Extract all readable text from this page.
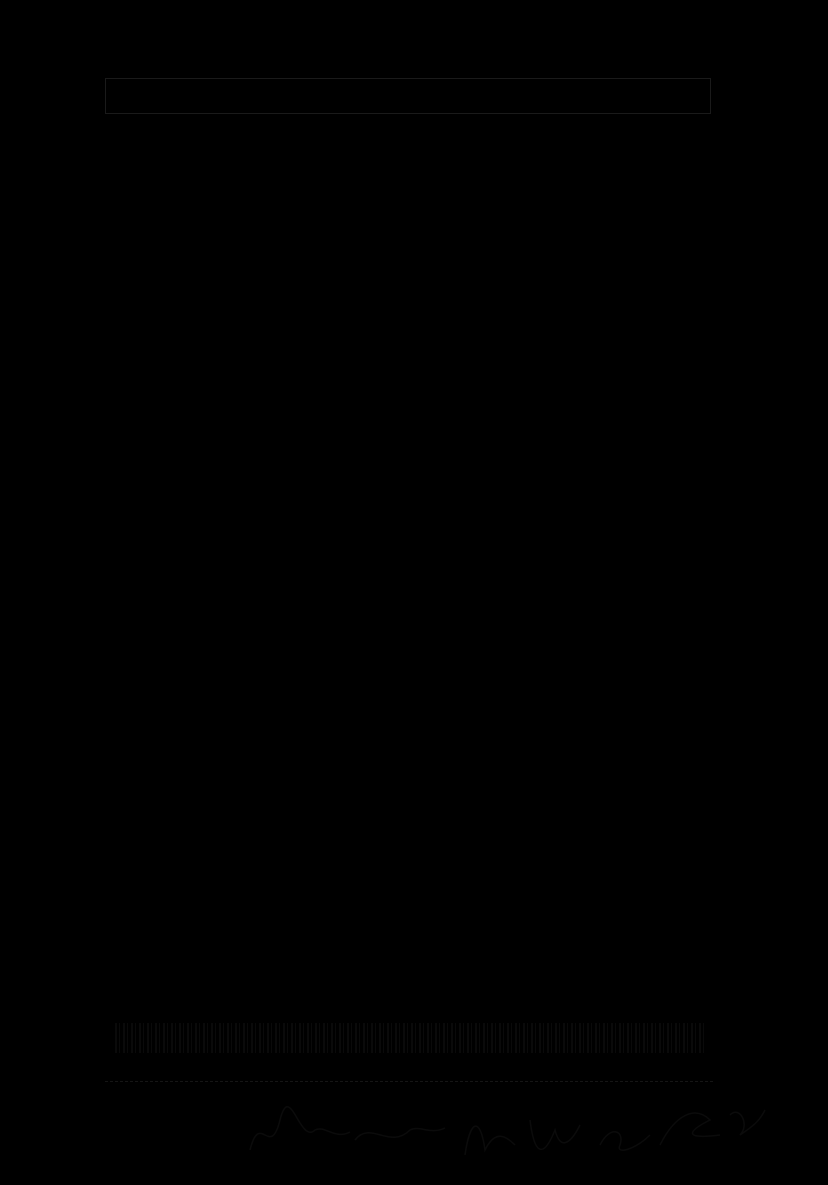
WYBORY DO RADY GMINY BODZECHÓW w gminie Bodzechów, województwo świętokrzyskie*
PROTOKÓŁ Z WYBORÓW
do Rady Gminy Bodzechów sporządzony dnia 28 listopada 2010 r. przez Gminną Komisję Wyborczą w Bodzechowie.
I. Dla wyboru Rady Gminy Bodzechów utworzono 15 okręgów wyborczych.
II. Komisja stwierdziła, co następuje:
A.$^{1)}$ Wyborów nie przeprowadzono w ........ okręgach wyborczych, tj. okręgu nr ........, nr ........, nr ........, z powodu braku zarejestrowanych list kandydatów na radnych, w związku z tym ........ mandatów pozostaje nieobsadzonych.
B. Głosowania nie przeprowadzono w ........ okręgach wyborczych, tj. w okręgu nr ........, nr ........, nr ........, w których liczba zarejestrowanych kandydatów była równa lub mniejsza od liczby mandatów w okręgach. Po obsadzeniu mandatów bez głosowania w okręgach tych pozostaje ........ mandatów nieobsadzonych.
III. A. Komisja potwierdza, że otrzymała protokoły głosowania od 12 obwodowych komisji wyborczych. Na podstawie tych protokołów Komisja sporządziła zestawienie wyników głosowania w okręgach i uwzględniając liczby głosów ważnych w okręgach wyborczych oraz głosów ważnych oddanych na poszczególne listy kandydatów i kandydatów z tych list, ustaliła następujące wyniki wyborów.
Okręg wyborczy nr 1 obejmujący 5 mandaty.
Wybory odbyły się.
Głosowanie przeprowadzono.
1.	Głosów ważnych oddano	658
2.	Na poszczególne listy kandydatów i kandydatów z tych list oddano następującą liczbę głosów ważnych:
Lista nr 1 — KOMITET WYBORCZY SLD	150
1) WÓJCIK Arkadiusz Krzysztof	150
Lista nr 4 — KW PLATFORMA OBYWATELSKA RP	151
1) JURYS Małgorzata Helena	139
2) KOLASA Jan	12
Lista nr 16 — KW OSTROWIECKI RUCH SPOŁECZNY	66
1) GRUDZIEŃ Grzegorz	66
Lista nr 17 — KWW "NASZA GMINA BODZECHÓW"	543
1) JABŁOŃ Maria Elżbieta	341
2) CISEK Wiesław	202
Lista nr 25 — KWW MARIUSZA KRÓL	148
1) KRÓL Mariusz	148
Największą ważność oddanych głosów otrzymali i zostali wybrani radnymi:
CISEK Wiesław	202
z listy nr 17	KWW "NASZA GMINA BODZECHÓW"
JABŁOŃ Maria Elżbieta	341
z listy nr 17	KWW "NASZA GMINA BODZECHÓW"
B. $^{2)}$ W związku z tym, że ........ kandydatów z tej samej listy (lista nr ........) otrzymało największą i równą liczbę głosów:
6b4f1-ee73-b4f9-4b0d-9101-2e1b-D76-8dba
Miejsce na parafowanie stron przez członków Komisji obecnych przy sporządzaniu protokołu
* niepotrzebne skreślić
